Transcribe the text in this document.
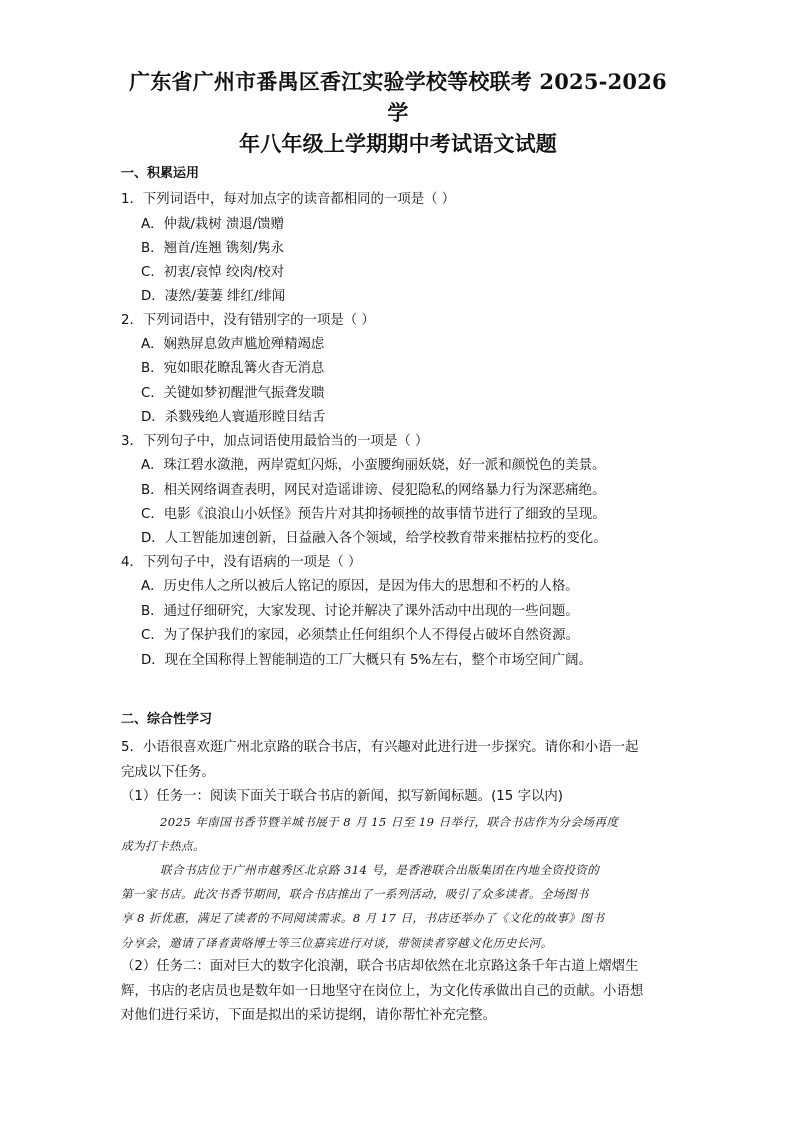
广东省广州市番禺区香江实验学校等校联考 2025-2026 学
年八年级上学期期中考试语文试题
一、积累运用
1．下列词语中，每对加点字的读音都相同的一项是（ ）
A．仲裁/栽树 溃退/馈赠
B．翘首/连翘 镌刻/隽永
C．初衷/哀悼 绞肉/校对
D．凄然/萋萋 绯红/绯闻
2．下列词语中，没有错别字的一项是（ ）
A．娴熟屏息敛声尴尬殚精竭虑
B．宛如眼花瞭乱篝火杳无消息
C．关键如梦初醒泄气振聋发聩
D．杀戮残绝人寰遁形瞠目结舌
3．下列句子中，加点词语使用最恰当的一项是（ ）
A．珠江碧水潋滟，两岸霓虹闪烁，小蛮腰绚丽妖娆，好一派和颜悦色的美景。
B．相关网络调查表明，网民对造谣诽谤、侵犯隐私的网络暴力行为深恶痛绝。
C．电影《浪浪山小妖怪》预告片对其抑扬顿挫的故事情节进行了细致的呈现。
D．人工智能加速创新，日益融入各个领域，给学校教育带来摧枯拉朽的变化。
4．下列句子中，没有语病的一项是（ ）
A．历史伟人之所以被后人铭记的原因，是因为伟大的思想和不朽的人格。
B．通过仔细研究，大家发现、讨论并解决了课外活动中出现的一些问题。
C．为了保护我们的家园，必须禁止任何组织个人不得侵占破坏自然资源。
D．现在全国称得上智能制造的工厂大概只有 5%左右，整个市场空间广阔。
二、综合性学习
5．小语很喜欢逛广州北京路的联合书店，有兴趣对此进行进一步探究。请你和小语一起
完成以下任务。
（1）任务一：阅读下面关于联合书店的新闻，拟写新闻标题。(15 字以内)
2025 年南国书香节暨羊城书展于 8 月 15 日至 19 日举行，联合书店作为分会场再度
成为打卡热点。
联合书店位于广州市越秀区北京路 314 号，是香港联合出版集团在内地全资投资的
第一家书店。此次书香节期间，联合书店推出了一系列活动，吸引了众多读者。全场图书
享 8 折优惠，满足了读者的不同阅读需求。8 月 17 日，书店还举办了《文化的故事》图书
分享会，邀请了译者黄咯博士等三位嘉宾进行对谈，带领读者穿越文化历史长河。
（2）任务二：面对巨大的数字化浪潮，联合书店却依然在北京路这条千年古道上熠熠生
辉，书店的老店员也是数年如一日地坚守在岗位上，为文化传承做出自己的贡献。小语想
对他们进行采访，下面是拟出的采访提纲，请你帮忙补充完整。
